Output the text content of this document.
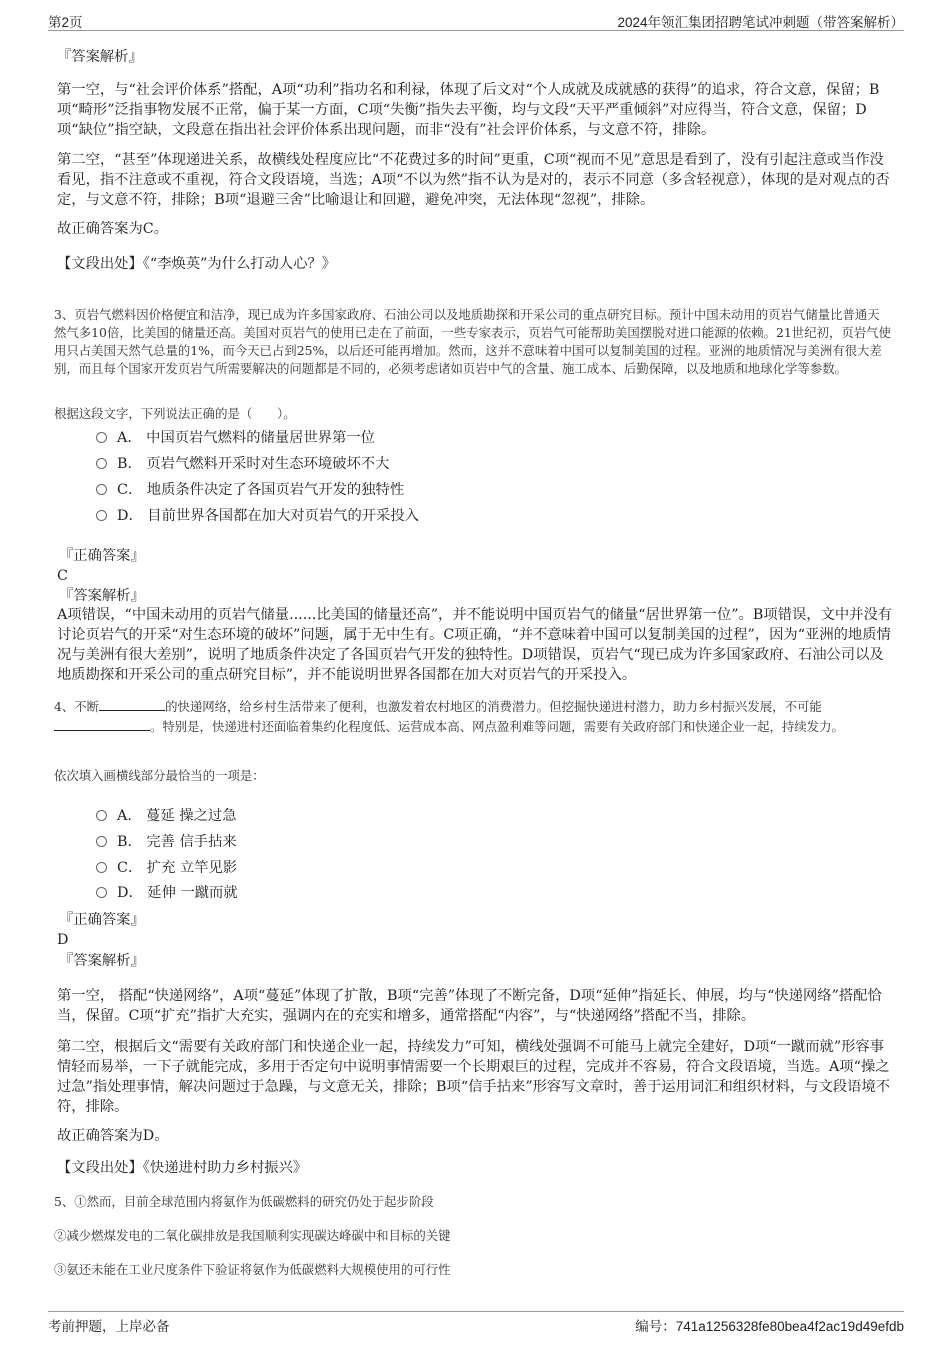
第2页	2024年领汇集团招聘笔试冲刺题（带答案解析）
『答案解析』

第一空，与“社会评价体系”搭配，A项“功利”指功名和利禄，体现了后文对“个人成就及成就感的获得”的追求，符合文意，保留；B项“畸形”泛指事物发展不正常，偏于某一方面，C项“失衡”指失去平衡，均与文段“天平严重倾斜”对应得当，符合文意，保留；D项“缺位”指空缺，文段意在指出社会评价体系出现问题，而非“没有”社会评价体系，与文意不符，排除。

第二空，“甚至”体现递进关系，故横线处程度应比“不花费过多的时间”更重，C项“视而不见”意思是看到了，没有引起注意或当作没看见，指不注意或不重视，符合文段语境，当选；A项“不以为然”指不认为是对的，表示不同意（多含轻视意），体现的是对观点的否定，与文意不符，排除；B项“退避三舍”比喻退让和回避，避免冲突，无法体现“忽视”，排除。

故正确答案为C。
【文段出处】《“李焕英”为什么打动人心？》

3、页岩气燃料因价格便宜和洁净，现已成为许多国家政府、石油公司以及地质勘探和开采公司的重点研究目标。预计中国未动用的页岩气储量比普通天然气多10倍，比美国的储量还高。美国对页岩气的使用已走在了前面，一些专家表示，页岩气可能帮助美国摆脱对进口能源的依赖。21世纪初，页岩气使用只占美国天然气总量的1%，而今天已占到25%，以后还可能再增加。然而，这并不意味着中国可以复制美国的过程。亚洲的地质情况与美洲有很大差别，而且每个国家开发页岩气所需要解决的问题都是不同的，必须考虑诸如页岩中气的含量、施工成本、后勤保障，以及地质和地球化学等参数。

根据这段文字，下列说法正确的是（　　）。
A． 中国页岩气燃料的储量居世界第一位
B． 页岩气燃料开采时对生态环境破坏不大
C． 地质条件决定了各国页岩气开发的独特性
D． 目前世界各国都在加大对页岩气的开采投入
『正确答案』
C
『答案解析』

A项错误，“中国未动用的页岩气储量......比美国的储量还高”，并不能说明中国页岩气的储量“居世界第一位”。B项错误，文中并没有讨论页岩气的开采“对生态环境的破坏”问题，属于无中生有。C项正确，“并不意味着中国可以复制美国的过程”，因为“亚洲的地质情况与美洲有很大差别”，说明了地质条件决定了各国页岩气开发的独特性。D项错误，页岩气“现已成为许多国家政府、石油公司以及地质勘探和开采公司的重点研究目标”，并不能说明世界各国都在加大对页岩气的开采投入。

4、不断	的快递网络，给乡村生活带来了便利，也激发着农村地区的消费潜力。但挖掘快递进村潜力，助力乡村振兴发展，不可能。特别是，快递进村还面临着集约化程度低、运营成本高、网点盈利难等问题，需要有关政府部门和快递企业一起，持续发力。

依次填入画横线部分最恰当的一项是：
A． 蔓延 操之过急
B． 完善 信手拈来
C． 扩充 立竿见影
D． 延伸 一蹴而就
『正确答案』
D
『答案解析』

第一空， 搭配“快递网络”，A项“蔓延”体现了扩散，B项“完善”体现了不断完备，D项“延伸”指延长、伸展，均与“快递网络”搭配恰当，保留。C项“扩充”指扩大充实，强调内在的充实和增多，通常搭配“内容”，与“快递网络”搭配不当，排除。

第二空，根据后文“需要有关政府部门和快递企业一起，持续发力”可知，横线处强调不可能马上就完全建好，D项“一蹴而就”形容事情轻而易举，一下子就能完成，多用于否定句中说明事情需要一个长期艰巨的过程，完成并不容易，符合文段语境，当选。A项“操之过急”指处理事情，解决问题过于急躁，与文意无关，排除；B项“信手拈来”形容写文章时，善于运用词汇和组织材料，与文段语境不符，排除。

故正确答案为D。
【文段出处】《快递进村助力乡村振兴》
5、①然而，目前全球范围内将氨作为低碳燃料的研究仍处于起步阶段
②减少燃煤发电的二氧化碳排放是我国顺利实现碳达峰碳中和目标的关键
③氨还未能在工业尺度条件下验证将氨作为低碳燃料大规模使用的可行性
考前押题，上岸必备	编号：741a1256328fe80bea4f2ac19d49efdb
